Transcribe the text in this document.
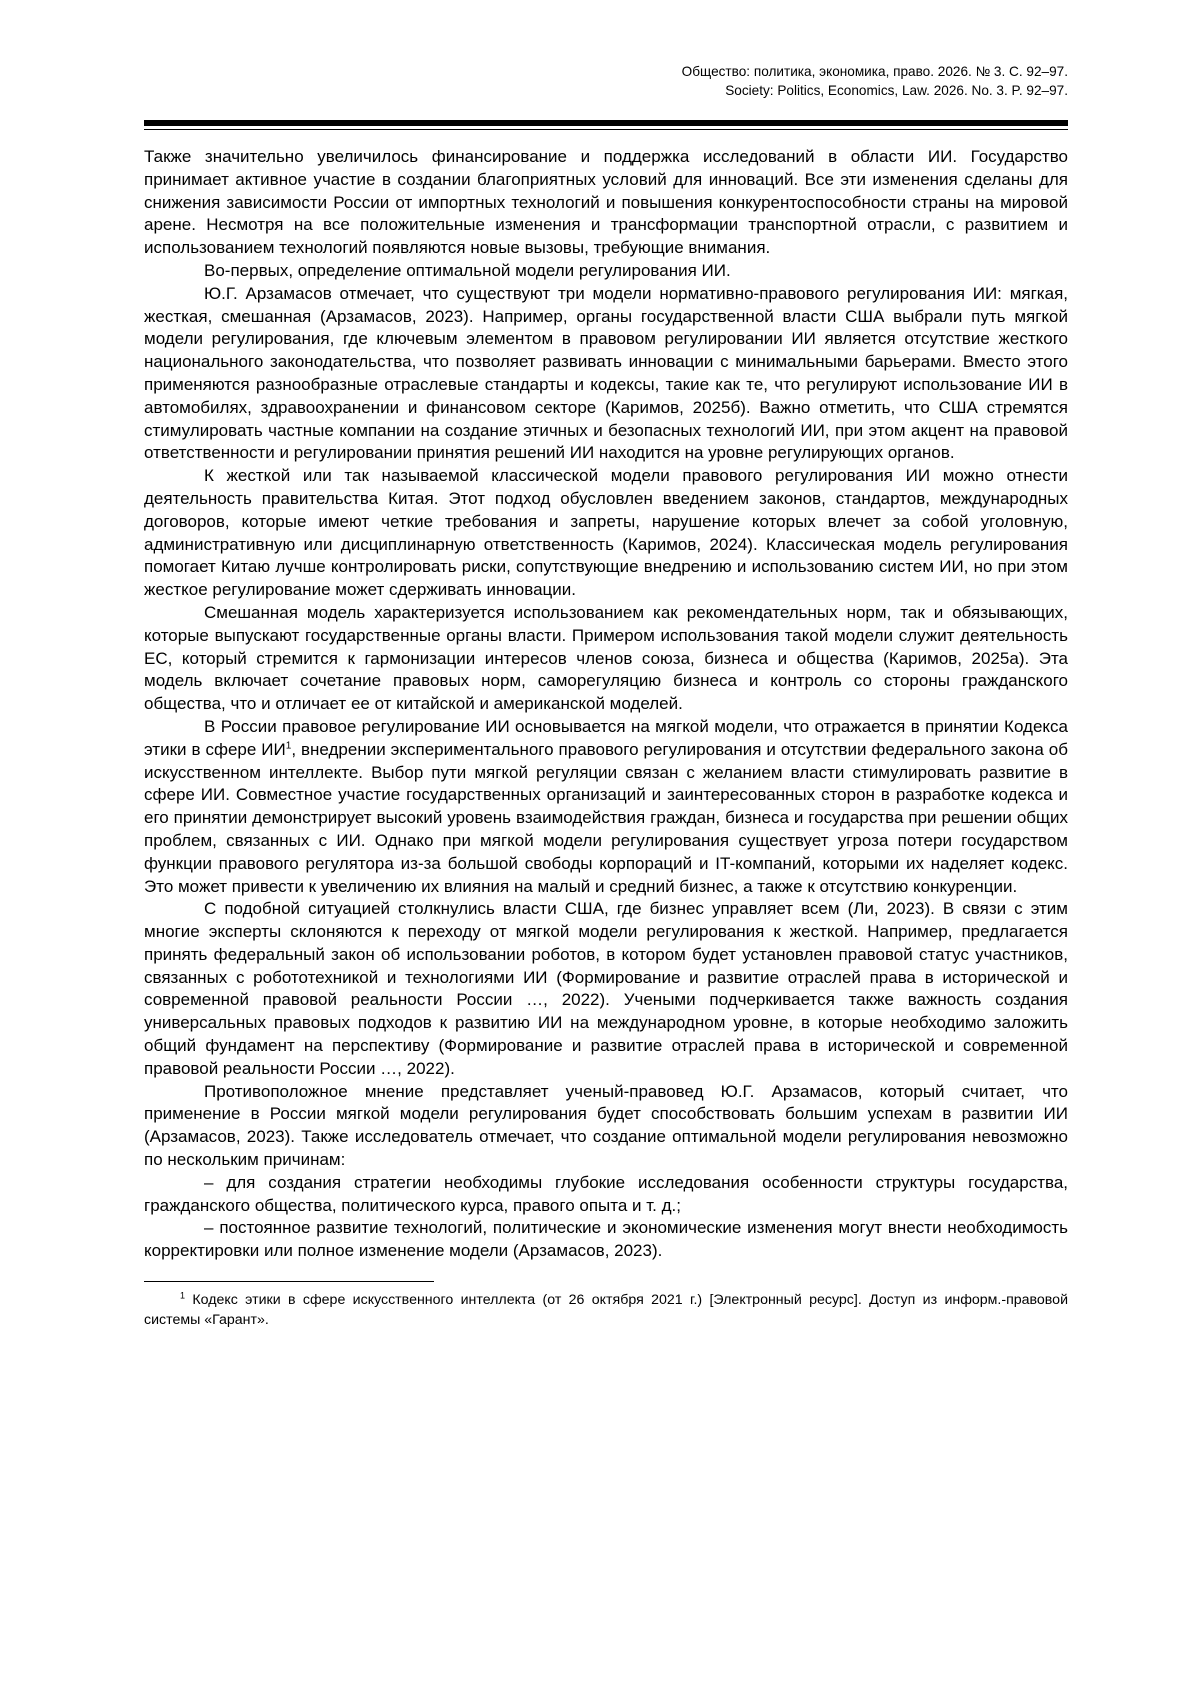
Общество: политика, экономика, право. 2026. № 3. С. 92–97.
Society: Politics, Economics, Law. 2026. No. 3. P. 92–97.

Также значительно увеличилось финансирование и поддержка исследований в области ИИ. Государство принимает активное участие в создании благоприятных условий для инноваций. Все эти изменения сделаны для снижения зависимости России от импортных технологий и повышения конкурентоспособности страны на мировой арене. Несмотря на все положительные изменения и трансформации транспортной отрасли, с развитием и использованием технологий появляются новые вызовы, требующие внимания.

Во-первых, определение оптимальной модели регулирования ИИ.

Ю.Г. Арзамасов отмечает, что существуют три модели нормативно-правового регулирования ИИ: мягкая, жесткая, смешанная (Арзамасов, 2023). Например, органы государственной власти США выбрали путь мягкой модели регулирования, где ключевым элементом в правовом регулировании ИИ является отсутствие жесткого национального законодательства, что позволяет развивать инновации с минимальными барьерами. Вместо этого применяются разнообразные отраслевые стандарты и кодексы, такие как те, что регулируют использование ИИ в автомобилях, здравоохранении и финансовом секторе (Каримов, 2025б). Важно отметить, что США стремятся стимулировать частные компании на создание этичных и безопасных технологий ИИ, при этом акцент на правовой ответственности и регулировании принятия решений ИИ находится на уровне регулирующих органов.

К жесткой или так называемой классической модели правового регулирования ИИ можно отнести деятельность правительства Китая. Этот подход обусловлен введением законов, стандартов, международных договоров, которые имеют четкие требования и запреты, нарушение которых влечет за собой уголовную, административную или дисциплинарную ответственность (Каримов, 2024). Классическая модель регулирования помогает Китаю лучше контролировать риски, сопутствующие внедрению и использованию систем ИИ, но при этом жесткое регулирование может сдерживать инновации.

Смешанная модель характеризуется использованием как рекомендательных норм, так и обязывающих, которые выпускают государственные органы власти. Примером использования такой модели служит деятельность ЕС, который стремится к гармонизации интересов членов союза, бизнеса и общества (Каримов, 2025а). Эта модель включает сочетание правовых норм, саморегуляцию бизнеса и контроль со стороны гражданского общества, что и отличает ее от китайской и американской моделей.

В России правовое регулирование ИИ основывается на мягкой модели, что отражается в принятии Кодекса этики в сфере $ИИ^1$, внедрении экспериментального правового регулирования и отсутствии федерального закона об искусственном интеллекте. Выбор пути мягкой регуляции связан с желанием власти стимулировать развитие в сфере ИИ. Совместное участие государственных организаций и заинтересованных сторон в разработке кодекса и его принятии демонстрирует высокий уровень взаимодействия граждан, бизнеса и государства при решении общих проблем, связанных с ИИ. Однако при мягкой модели регулирования существует угроза потери государством функции правового регулятора из-за большой свободы корпораций и IT-компаний, которыми их наделяет кодекс. Это может привести к увеличению их влияния на малый и средний бизнес, а также к отсутствию конкуренции.

С подобной ситуацией столкнулись власти США, где бизнес управляет всем (Ли, 2023). В связи с этим многие эксперты склоняются к переходу от мягкой модели регулирования к жесткой. Например, предлагается принять федеральный закон об использовании роботов, в котором будет установлен правовой статус участников, связанных с робототехникой и технологиями ИИ (Формирование и развитие отраслей права в исторической и современной правовой реальности России …, 2022). Учеными подчеркивается также важность создания универсальных правовых подходов к развитию ИИ на международном уровне, в которые необходимо заложить общий фундамент на перспективу (Формирование и развитие отраслей права в исторической и современной правовой реальности России …, 2022).

Противоположное мнение представляет ученый-правовед Ю.Г. Арзамасов, который считает, что применение в России мягкой модели регулирования будет способствовать большим успехам в развитии ИИ (Арзамасов, 2023). Также исследователь отмечает, что создание оптимальной модели регулирования невозможно по нескольким причинам:

– для создания стратегии необходимы глубокие исследования особенности структуры государства, гражданского общества, политического курса, правого опыта и т. д.;

– постоянное развитие технологий, политические и экономические изменения могут внести необходимость корректировки или полное изменение модели (Арзамасов, 2023).

$^1$ Кодекс этики в сфере искусственного интеллекта (от 26 октября 2021 г.) [Электронный ресурс]. Доступ из информ.-правовой системы «Гарант».
